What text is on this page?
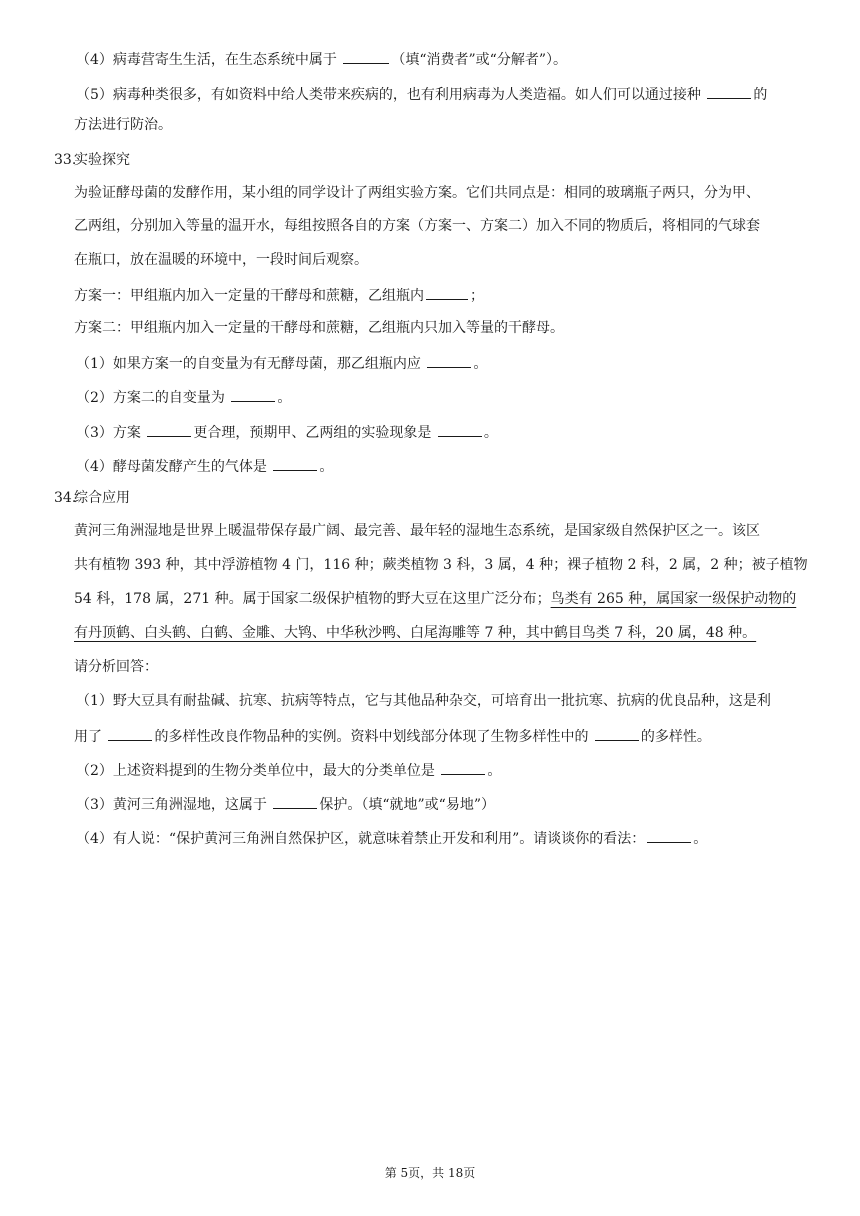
（4）病毒营寄生生活，在生态系统中属于	（填“消费者”或“分解者”）。
（5）病毒种类很多，有如资料中给人类带来疾病的，也有利用病毒为人类造福。如人们可以通过接种	的
方法进行防治。
33.实验探究
为验证酵母菌的发酵作用，某小组的同学设计了两组实验方案。它们共同点是：相同的玻璃瓶子两只，分为甲、
乙两组，分别加入等量的温开水，每组按照各自的方案（方案一、方案二）加入不同的物质后，将相同的气球套
在瓶口，放在温暖的环境中，一段时间后观察。
方案一：甲组瓶内加入一定量的干酵母和蔗糖，乙组瓶内	；
方案二：甲组瓶内加入一定量的干酵母和蔗糖，乙组瓶内只加入等量的干酵母。
（1）如果方案一的自变量为有无酵母菌，那乙组瓶内应	。
（2）方案二的自变量为	。
（3）方案	更合理，预期甲、乙两组的实验现象是	。
（4）酵母菌发酵产生的气体是	。
34.综合应用
黄河三角洲湿地是世界上暖温带保存最广阔、最完善、最年轻的湿地生态系统，是国家级自然保护区之一。该区
共有植物 393 种，其中浮游植物 4 门，116 种；蕨类植物 3 科，3 属，4 种；裸子植物 2 科，2 属，2 种；被子植物
54 科，178 属，271 种。属于国家二级保护植物的野大豆在这里广泛分布；鸟类有 265 种，属国家一级保护动物的
有丹顶鹤、白头鹤、白鹤、金雕、大鸨、中华秋沙鸭、白尾海雕等 7 种，其中鹤目鸟类 7 科，20 属，48 种。
请分析回答：
（1）野大豆具有耐盐碱、抗寒、抗病等特点，它与其他品种杂交，可培育出一批抗寒、抗病的优良品种，这是利
用了	的多样性改良作物品种的实例。资料中划线部分体现了生物多样性中的	的多样性。
（2）上述资料提到的生物分类单位中，最大的分类单位是	。
（3）黄河三角洲湿地，这属于	保护。（填“就地”或“易地”）
（4）有人说：“保护黄河三角洲自然保护区，就意味着禁止开发和利用”。请谈谈你的看法：	。
第 5页，共 18页
